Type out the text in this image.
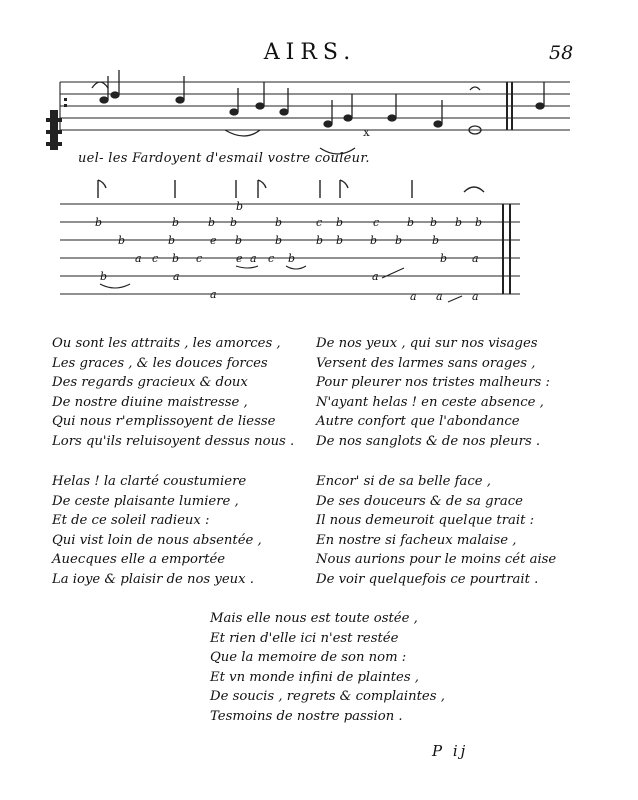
AIRS.	58
x
b	b	b b
b
b	c b	c	b b b b
b	b	e b	b	b b b b	b
a c b c	e a c b	b a
b	a	a
a	a a	a
uel- les Fardoyent d'esmail vostre couleur.
Ou sont les attraits , les amorces ,
Les graces , & les douces forces
Des regards gracieux & doux
De nostre diuine maistresse ,
Qui nous r'emplissoyent de liesse
Lors qu'ils reluisoyent dessus nous .
De nos yeux , qui sur nos visages
Versent des larmes sans orages ,
Pour pleurer nos tristes malheurs :
N'ayant helas ! en ceste absence ,
Autre confort que l'abondance
De nos sanglots & de nos pleurs .
Helas ! la clarté coustumiere
De ceste plaisante lumiere ,
Et de ce soleil radieux :
Qui vist loin de nous absentée ,
Auecques elle a emportée
La ioye & plaisir de nos yeux .
Encor' si de sa belle face ,
De ses douceurs & de sa grace
Il nous demeuroit quelque trait :
En nostre si facheux malaise ,
Nous aurions pour le moins cét aise
De voir quelquefois ce pourtrait .
Mais elle nous est toute ostée ,
Et rien d'elle ici n'est restée
Que la memoire de son nom :
Et vn monde infini de plaintes ,
De soucis , regrets & complaintes ,
Tesmoins de nostre passion .
P ij
